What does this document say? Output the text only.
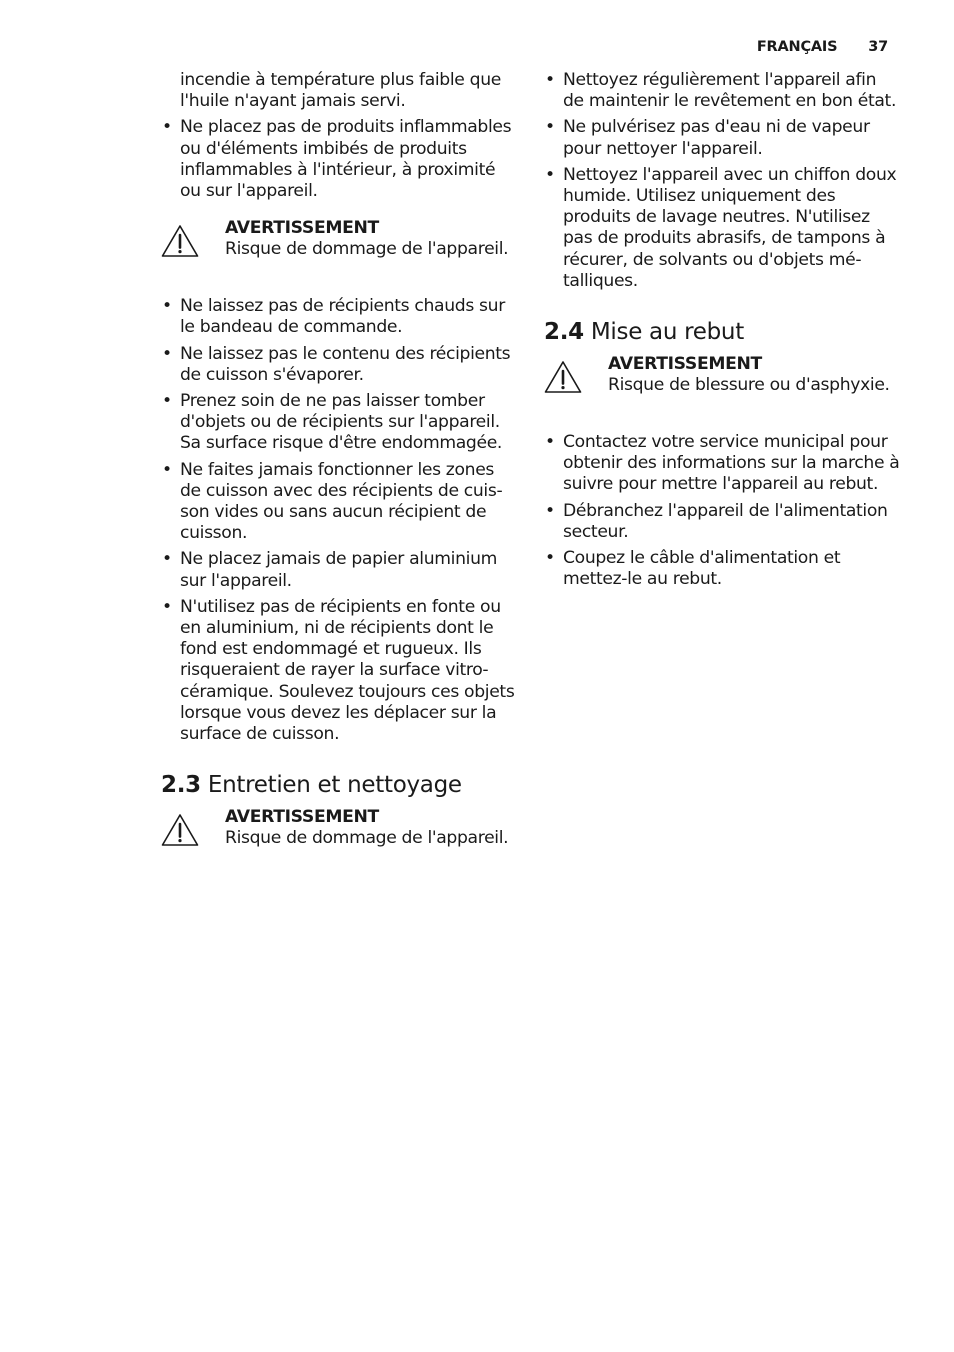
FRANÇAIS 37
incendie à température plus faible que l'huile n'ayant jamais servi.
• Ne placez pas de produits inflammables ou d'éléments imbibés de produits inflammables à l'intérieur, à proximité ou sur l'appareil.
AVERTISSEMENT
Risque de dommage de l'appareil.
• Ne laissez pas de récipients chauds sur le bandeau de commande.
• Ne laissez pas le contenu des récipients de cuisson s'évaporer.
• Prenez soin de ne pas laisser tomber d'objets ou de récipients sur l'appareil. Sa surface risque d'être endommagée.
• Ne faites jamais fonctionner les zones de cuisson avec des récipients de cuisson vides ou sans aucun récipient de cuisson.
• Ne placez jamais de papier aluminium sur l'appareil.
• N'utilisez pas de récipients en fonte ou en aluminium, ni de récipients dont le fond est endommagé et rugueux. Ils risqueraient de rayer la surface vitrocéramique. Soulevez toujours ces objets lorsque vous devez les déplacer sur la surface de cuisson.
2.3 Entretien et nettoyage
AVERTISSEMENT
Risque de dommage de l'appareil.
• Nettoyez régulièrement l'appareil afin de maintenir le revêtement en bon état.
• Ne pulvérisez pas d'eau ni de vapeur pour nettoyer l'appareil.
• Nettoyez l'appareil avec un chiffon doux humide. Utilisez uniquement des produits de lavage neutres. N'utilisez pas de produits abrasifs, de tampons à récurer, de solvants ou d'objets métalliques.
2.4 Mise au rebut
AVERTISSEMENT
Risque de blessure ou d'asphyxie.
• Contactez votre service municipal pour obtenir des informations sur la marche à suivre pour mettre l'appareil au rebut.
• Débranchez l'appareil de l'alimentation secteur.
• Coupez le câble d'alimentation et mettez-le au rebut.
